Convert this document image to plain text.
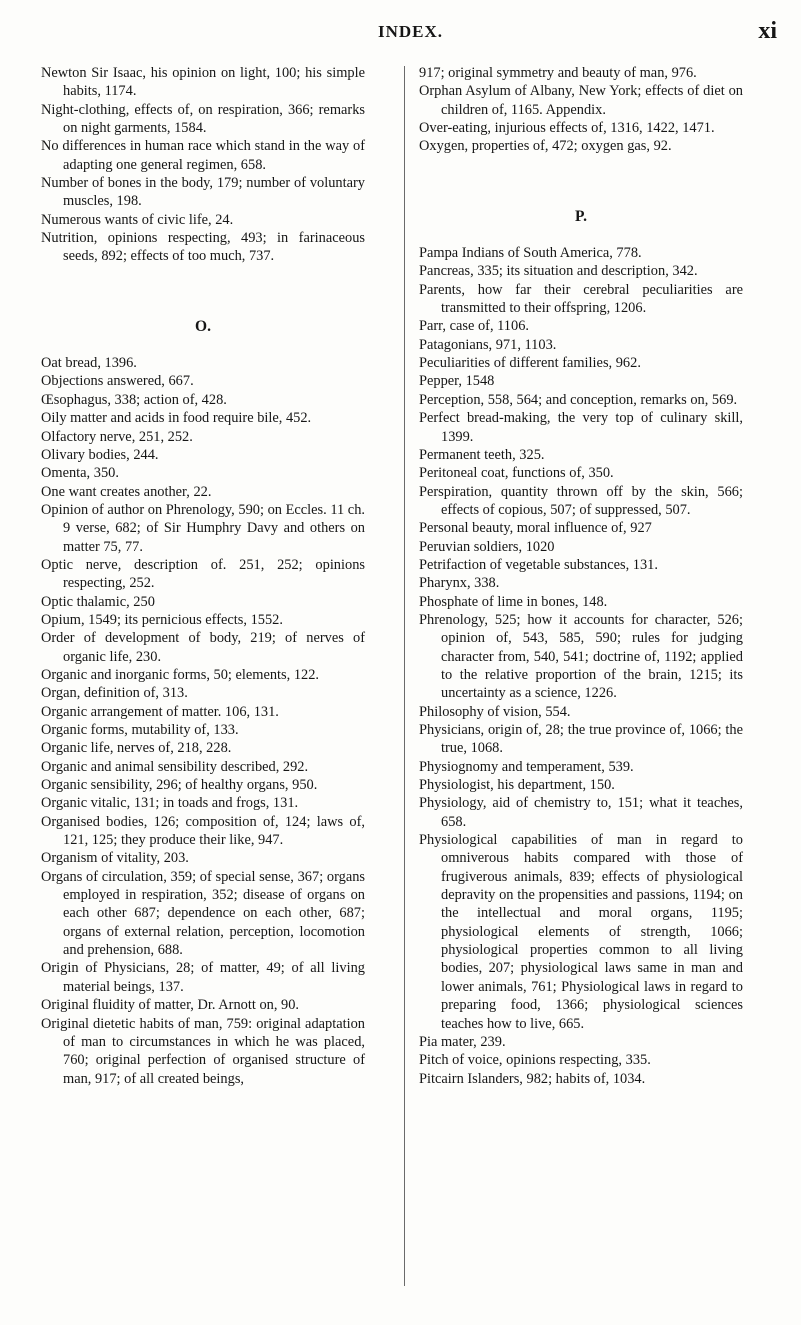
INDEX.	xi

Newton Sir Isaac, his opinion on light, 100; his simple habits, 1174.

Night-clothing, effects of, on respiration, 366; remarks on night garments, 1584.

No differences in human race which stand in the way of adapting one general regimen, 658.

Number of bones in the body, 179; number of voluntary muscles, 198.

Numerous wants of civic life, 24.

Nutrition, opinions respecting, 493; in farinaceous seeds, 892; effects of too much, 737.

O.

Oat bread, 1396.

Objections answered, 667.

Œsophagus, 338; action of, 428.

Oily matter and acids in food require bile, 452.

Olfactory nerve, 251, 252.

Olivary bodies, 244.

Omenta, 350.

One want creates another, 22.

Opinion of author on Phrenology, 590; on Eccles. 11 ch. 9 verse, 682; of Sir Humphry Davy and others on matter 75, 77.

Optic nerve, description of. 251, 252; opinions respecting, 252.

Optic thalamic, 250

Opium, 1549; its pernicious effects, 1552.

Order of development of body, 219; of nerves of organic life, 230.

Organic and inorganic forms, 50; elements, 122.

Organ, definition of, 313.

Organic arrangement of matter. 106, 131.

Organic forms, mutability of, 133.

Organic life, nerves of, 218, 228.

Organic and animal sensibility described, 292.

Organic sensibility, 296; of healthy organs, 950.

Organic vitalic, 131; in toads and frogs, 131.

Organised bodies, 126; composition of, 124; laws of, 121, 125; they produce their like, 947.

Organism of vitality, 203.

Organs of circulation, 359; of special sense, 367; organs employed in respiration, 352; disease of organs on each other 687; dependence on each other, 687; organs of external relation, perception, locomotion and prehension, 688.

Origin of Physicians, 28; of matter, 49; of all living material beings, 137.

Original fluidity of matter, Dr. Arnott on, 90.

Original dietetic habits of man, 759: original adaptation of man to circumstances in which he was placed, 760; original perfection of organised structure of man, 917; of all created beings,

917; original symmetry and beauty of man, 976.

Orphan Asylum of Albany, New York; effects of diet on children of, 1165. Appendix.

Over-eating, injurious effects of, 1316, 1422, 1471.

Oxygen, properties of, 472; oxygen gas, 92.

P.

Pampa Indians of South America, 778.

Pancreas, 335; its situation and description, 342.

Parents, how far their cerebral peculiarities are transmitted to their offspring, 1206.

Parr, case of, 1106.

Patagonians, 971, 1103.

Peculiarities of different families, 962.

Pepper, 1548

Perception, 558, 564; and conception, remarks on, 569.

Perfect bread-making, the very top of culinary skill, 1399.

Permanent teeth, 325.

Peritoneal coat, functions of, 350.

Perspiration, quantity thrown off by the skin, 566; effects of copious, 507; of suppressed, 507.

Personal beauty, moral influence of, 927

Peruvian soldiers, 1020

Petrifaction of vegetable substances, 131.

Pharynx, 338.

Phosphate of lime in bones, 148.

Phrenology, 525; how it accounts for character, 526; opinion of, 543, 585, 590; rules for judging character from, 540, 541; doctrine of, 1192; applied to the relative proportion of the brain, 1215; its uncertainty as a science, 1226.

Philosophy of vision, 554.

Physicians, origin of, 28; the true province of, 1066; the true, 1068.

Physiognomy and temperament, 539.

Physiologist, his department, 150.

Physiology, aid of chemistry to, 151; what it teaches, 658.

Physiological capabilities of man in regard to omniverous habits compared with those of frugiverous animals, 839; effects of physiological depravity on the propensities and passions, 1194; on the intellectual and moral organs, 1195; physiological elements of strength, 1066; physiological properties common to all living bodies, 207; physiological laws same in man and lower animals, 761; Physiological laws in regard to preparing food, 1366; physiological sciences teaches how to live, 665.

Pia mater, 239.

Pitch of voice, opinions respecting, 335.

Pitcairn Islanders, 982; habits of, 1034.
